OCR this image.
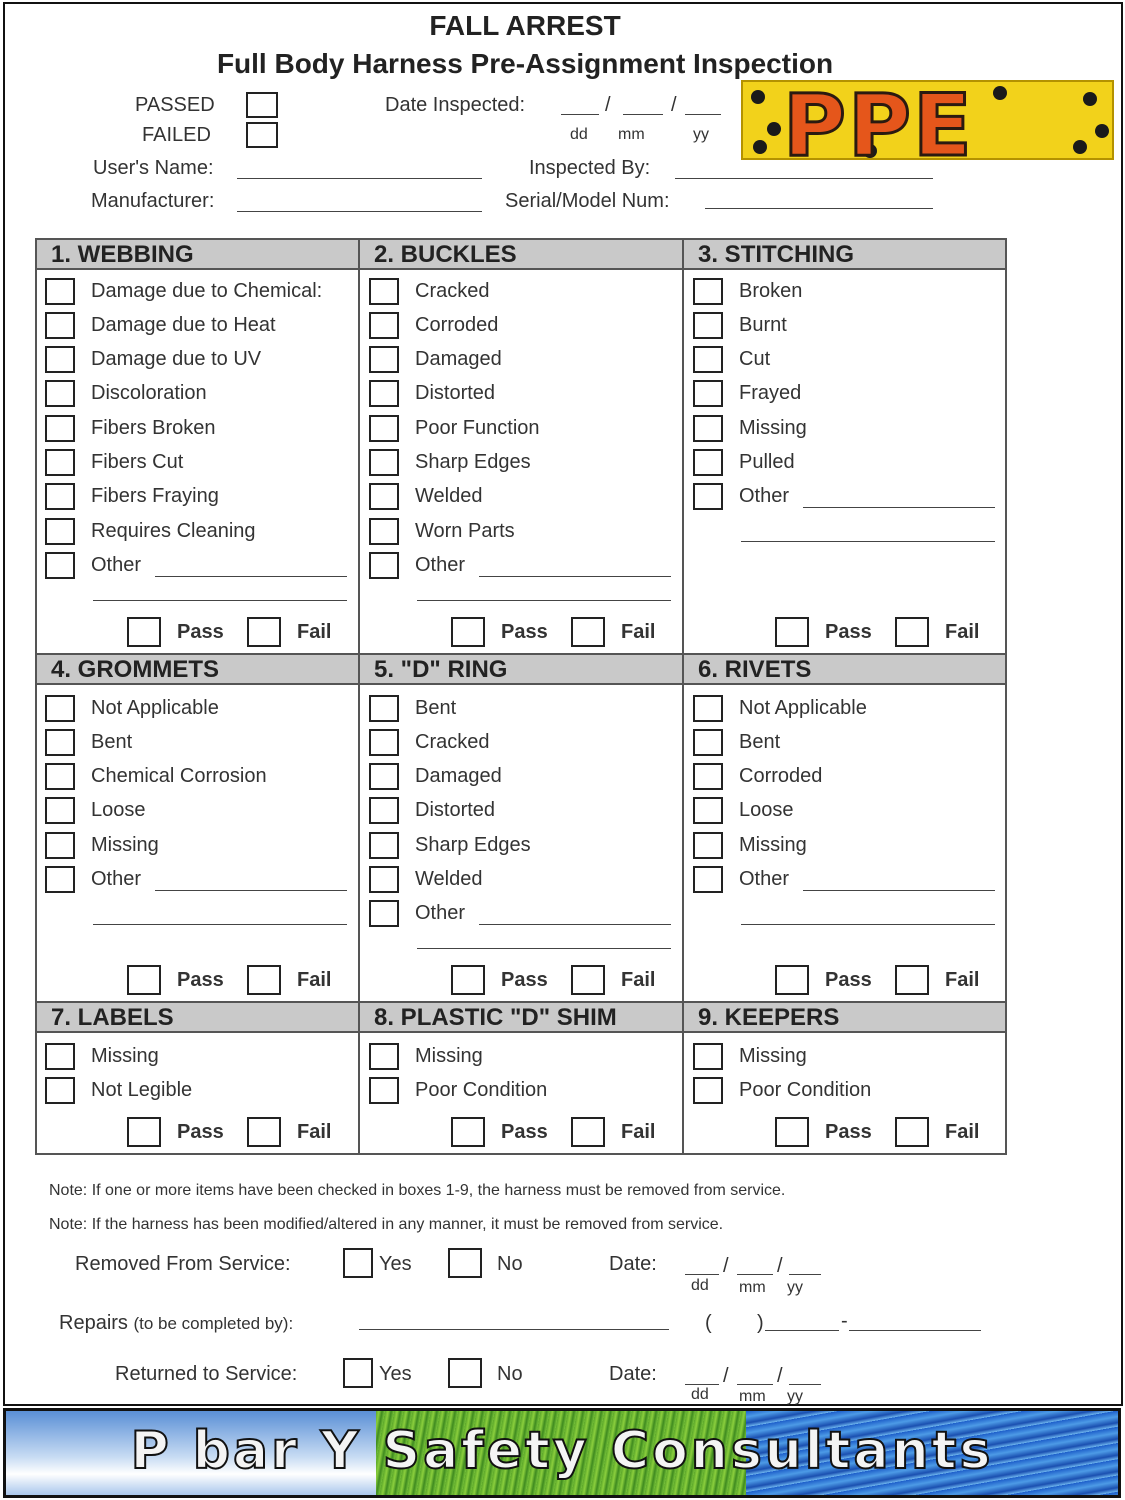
FALL ARREST
Full Body Harness Pre-Assignment Inspection
PASSED
FAILED
Date Inspected:	/	/
dd mm	yy PPE
User's Name:	Inspected By:
Manufacturer:	Serial/Model Num:
1. WEBBING	2. BUCKLES	3. STITCHING
4. GROMMETS	5. "D" RING	6. RIVETS
7. LABELS	8. PLASTIC "D" SHIM	9. KEEPERS
Damage due to Chemical:
Damage due to Heat
Damage due to UV
Discoloration
Fibers Broken
Fibers Cut
Fibers Fraying
Requires Cleaning
Other
Cracked
Corroded
Damaged
Distorted
Poor Function
Sharp Edges
Welded
Worn Parts
Other
Broken
Burnt
Cut
Frayed
Missing
Pulled
Other
Pass	Fail	Pass	Fail	Pass	Fail
Not Applicable
Bent
Chemical Corrosion
Loose
Missing
Other
Bent
Cracked
Damaged
Distorted
Sharp Edges
Welded
Other
Not Applicable
Bent
Corroded
Loose
Missing
Other
Pass	Fail	Pass	Fail	Pass	Fail
Missing
Not Legible
Missing
Poor Condition
Missing
Poor Condition
Pass	Fail	Pass	Fail	Pass	Fail
Note: If one or more items have been checked in boxes 1-9, the harness must be removed from service.
Note: If the harness has been modified/altered in any manner, it must be removed from service.
Removed From Service:	Yes	No	Date:	/ /
dd mm yy
Repairs (to be completed by):	( )	-
Returned to Service:	Yes	No	Date:	/ /
dd mm yy
P bar Y Safety Consultants
